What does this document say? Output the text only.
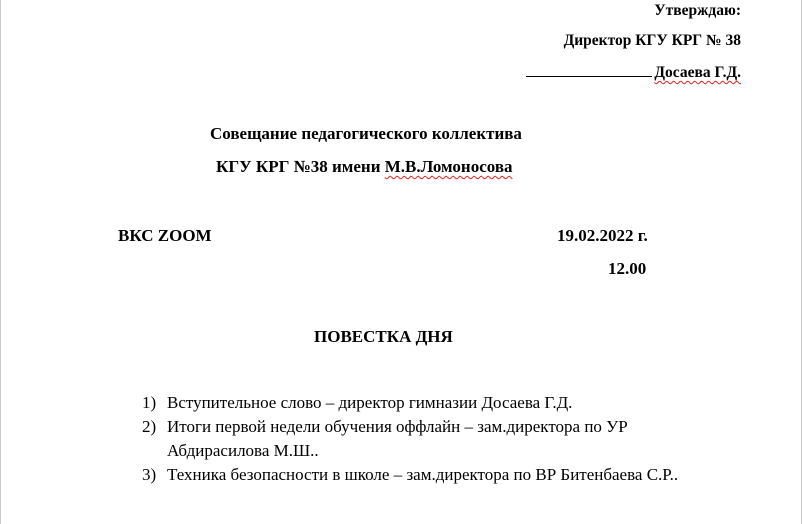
Утверждаю:
Директор КГУ КРГ № 38
Досаева Г.Д.
Совещание педагогического коллектива
КГУ КРГ №38 имени М.В.Ломоносова
ВКС ZOOM	19.02.2022 г.
12.00
ПОВЕСТКА ДНЯ
1) Вступительное слово – директор гимназии Досаева Г.Д.
2) Итоги первой недели обучения оффлайн – зам.директора по УР
Абдирасилова М.Ш..
3) Техника безопасности в школе – зам.директора по ВР Битенбаева С.Р..
